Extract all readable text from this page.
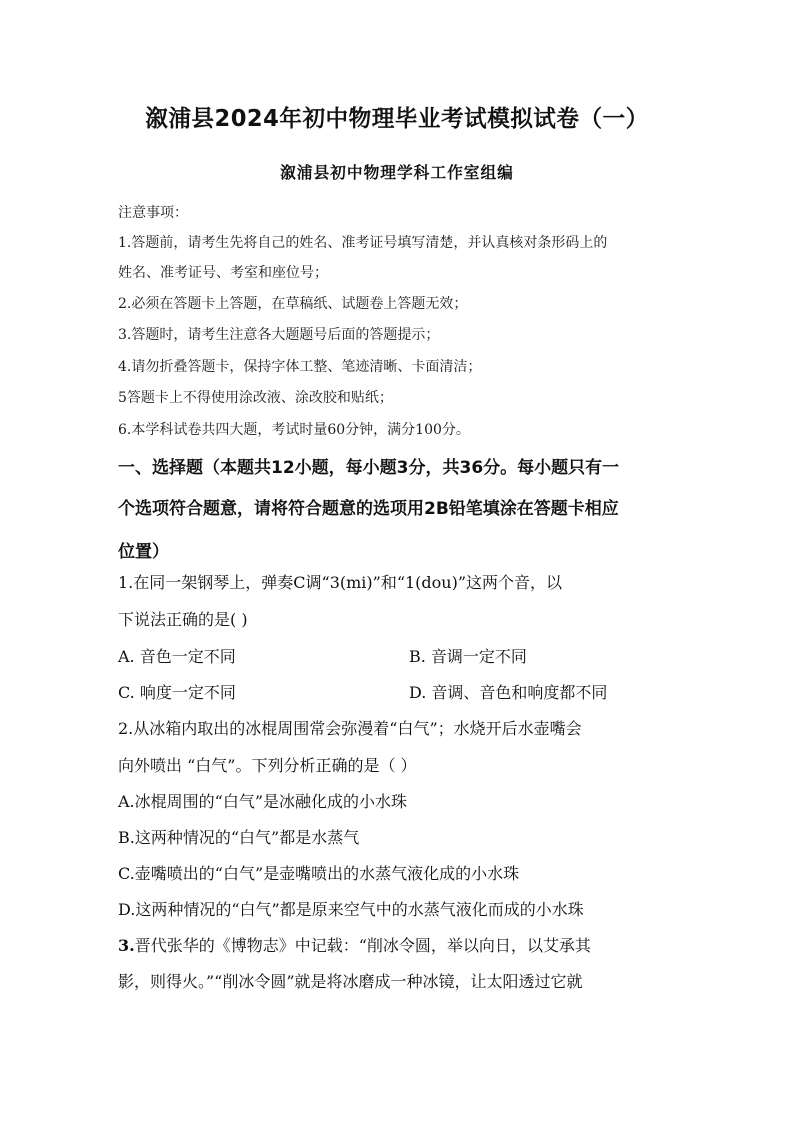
溆浦县2024年初中物理毕业考试模拟试卷（一）
溆浦县初中物理学科工作室组编
注意事项：
1.答题前，请考生先将自己的姓名、准考证号填写清楚，并认真核对条形码上的
姓名、准考证号、考室和座位号；
2.必须在答题卡上答题，在草稿纸、试题卷上答题无效；
3.答题时，请考生注意各大题题号后面的答题提示；
4.请勿折叠答题卡，保持字体工整、笔迹清晰、卡面清洁；
5答题卡上不得使用涂改液、涂改胶和贴纸；
6.本学科试卷共四大题，考试时量60分钟，满分100分。
一、选择题（本题共12小题，每小题3分，共36分。每小题只有一
个选项符合题意，请将符合题意的选项用2B铅笔填涂在答题卡相应
位置）
1.在同一架钢琴上，弹奏C调“3(mi)”和“1(dou)”这两个音，以
下说法正确的是( )
A. 音色一定不同	B. 音调一定不同
C. 响度一定不同	D. 音调、音色和响度都不同
2.从冰箱内取出的冰棍周围常会弥漫着“白气”；水烧开后水壶嘴会
向外喷出 “白气”。下列分析正确的是（ ）
A.冰棍周围的“白气”是冰融化成的小水珠
B.这两种情况的“白气”都是水蒸气
C.壶嘴喷出的“白气”是壶嘴喷出的水蒸气液化成的小水珠
D.这两种情况的“白气”都是原来空气中的水蒸气液化而成的小水珠
3.晋代张华的《博物志》中记载：“削冰令圆，举以向日，以艾承其
影，则得火。”“削冰令圆”就是将冰磨成一种冰镜，让太阳透过它就
